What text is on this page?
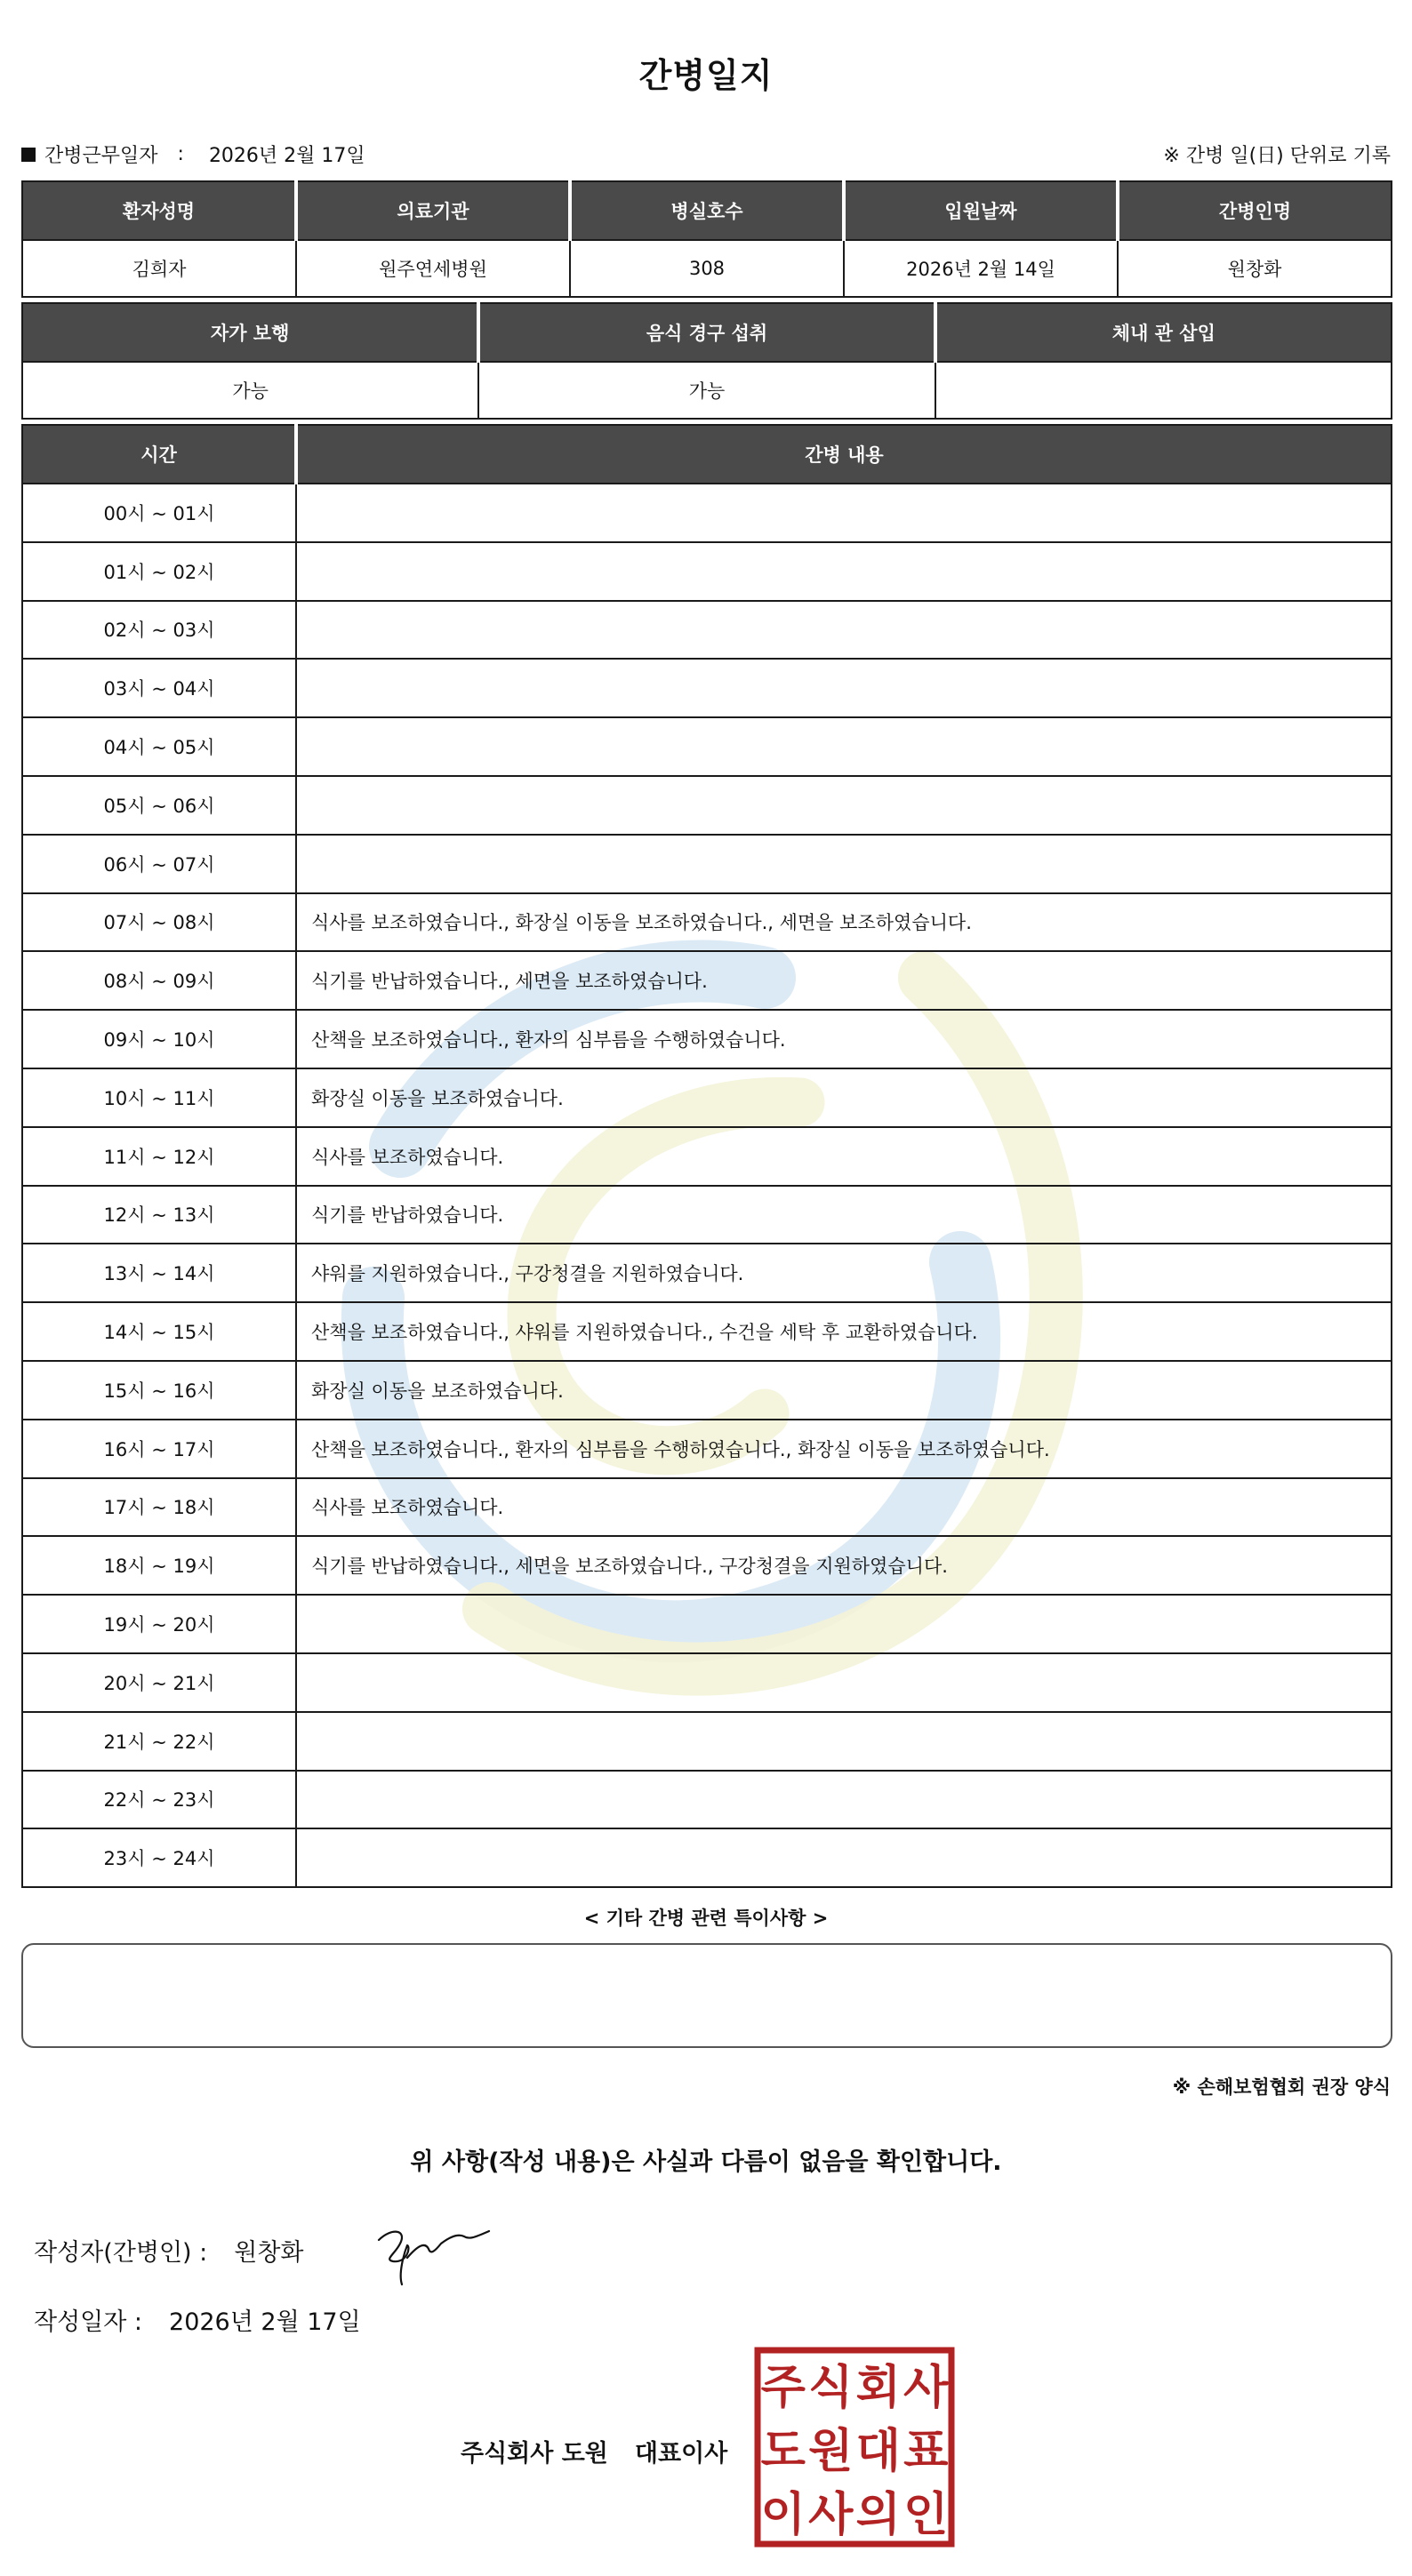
간병일지
간병근무일자 : 2026년 2월 17일	※ 간병 일(日) 단위로 기록
환자성명	의료기관	병실호수	입원날짜	간병인명
김희자	원주연세병원	308	2026년 2월 14일	원창화
자가 보행	음식 경구 섭취	체내 관 삽입
가능	가능	
시간	간병 내용
00시 ~ 01시	
01시 ~ 02시	
02시 ~ 03시	
03시 ~ 04시	
04시 ~ 05시	
05시 ~ 06시	
06시 ~ 07시	
07시 ~ 08시	식사를 보조하였습니다., 화장실 이동을 보조하였습니다., 세면을 보조하였습니다.
08시 ~ 09시	식기를 반납하였습니다., 세면을 보조하였습니다.
09시 ~ 10시	산책을 보조하였습니다., 환자의 심부름을 수행하였습니다.
10시 ~ 11시	화장실 이동을 보조하였습니다.
11시 ~ 12시	식사를 보조하였습니다.
12시 ~ 13시	식기를 반납하였습니다.
13시 ~ 14시	샤워를 지원하였습니다., 구강청결을 지원하였습니다.
14시 ~ 15시	산책을 보조하였습니다., 샤워를 지원하였습니다., 수건을 세탁 후 교환하였습니다.
15시 ~ 16시	화장실 이동을 보조하였습니다.
16시 ~ 17시	산책을 보조하였습니다., 환자의 심부름을 수행하였습니다., 화장실 이동을 보조하였습니다.
17시 ~ 18시	식사를 보조하였습니다.
18시 ~ 19시	식기를 반납하였습니다., 세면을 보조하였습니다., 구강청결을 지원하였습니다.
19시 ~ 20시	
20시 ~ 21시	
21시 ~ 22시	
22시 ~ 23시	
23시 ~ 24시	
< 기타 간병 관련 특이사항 >
※ 손해보험협회 권장 양식
위 사항(작성 내용)은 사실과 다름이 없음을 확인합니다.
작성자(간병인) : 원창화
작성일자 : 2026년 2월 17일
주식회사 도원 대표이사
주 식 회 사
도 원 대 표
이 사 의 인
